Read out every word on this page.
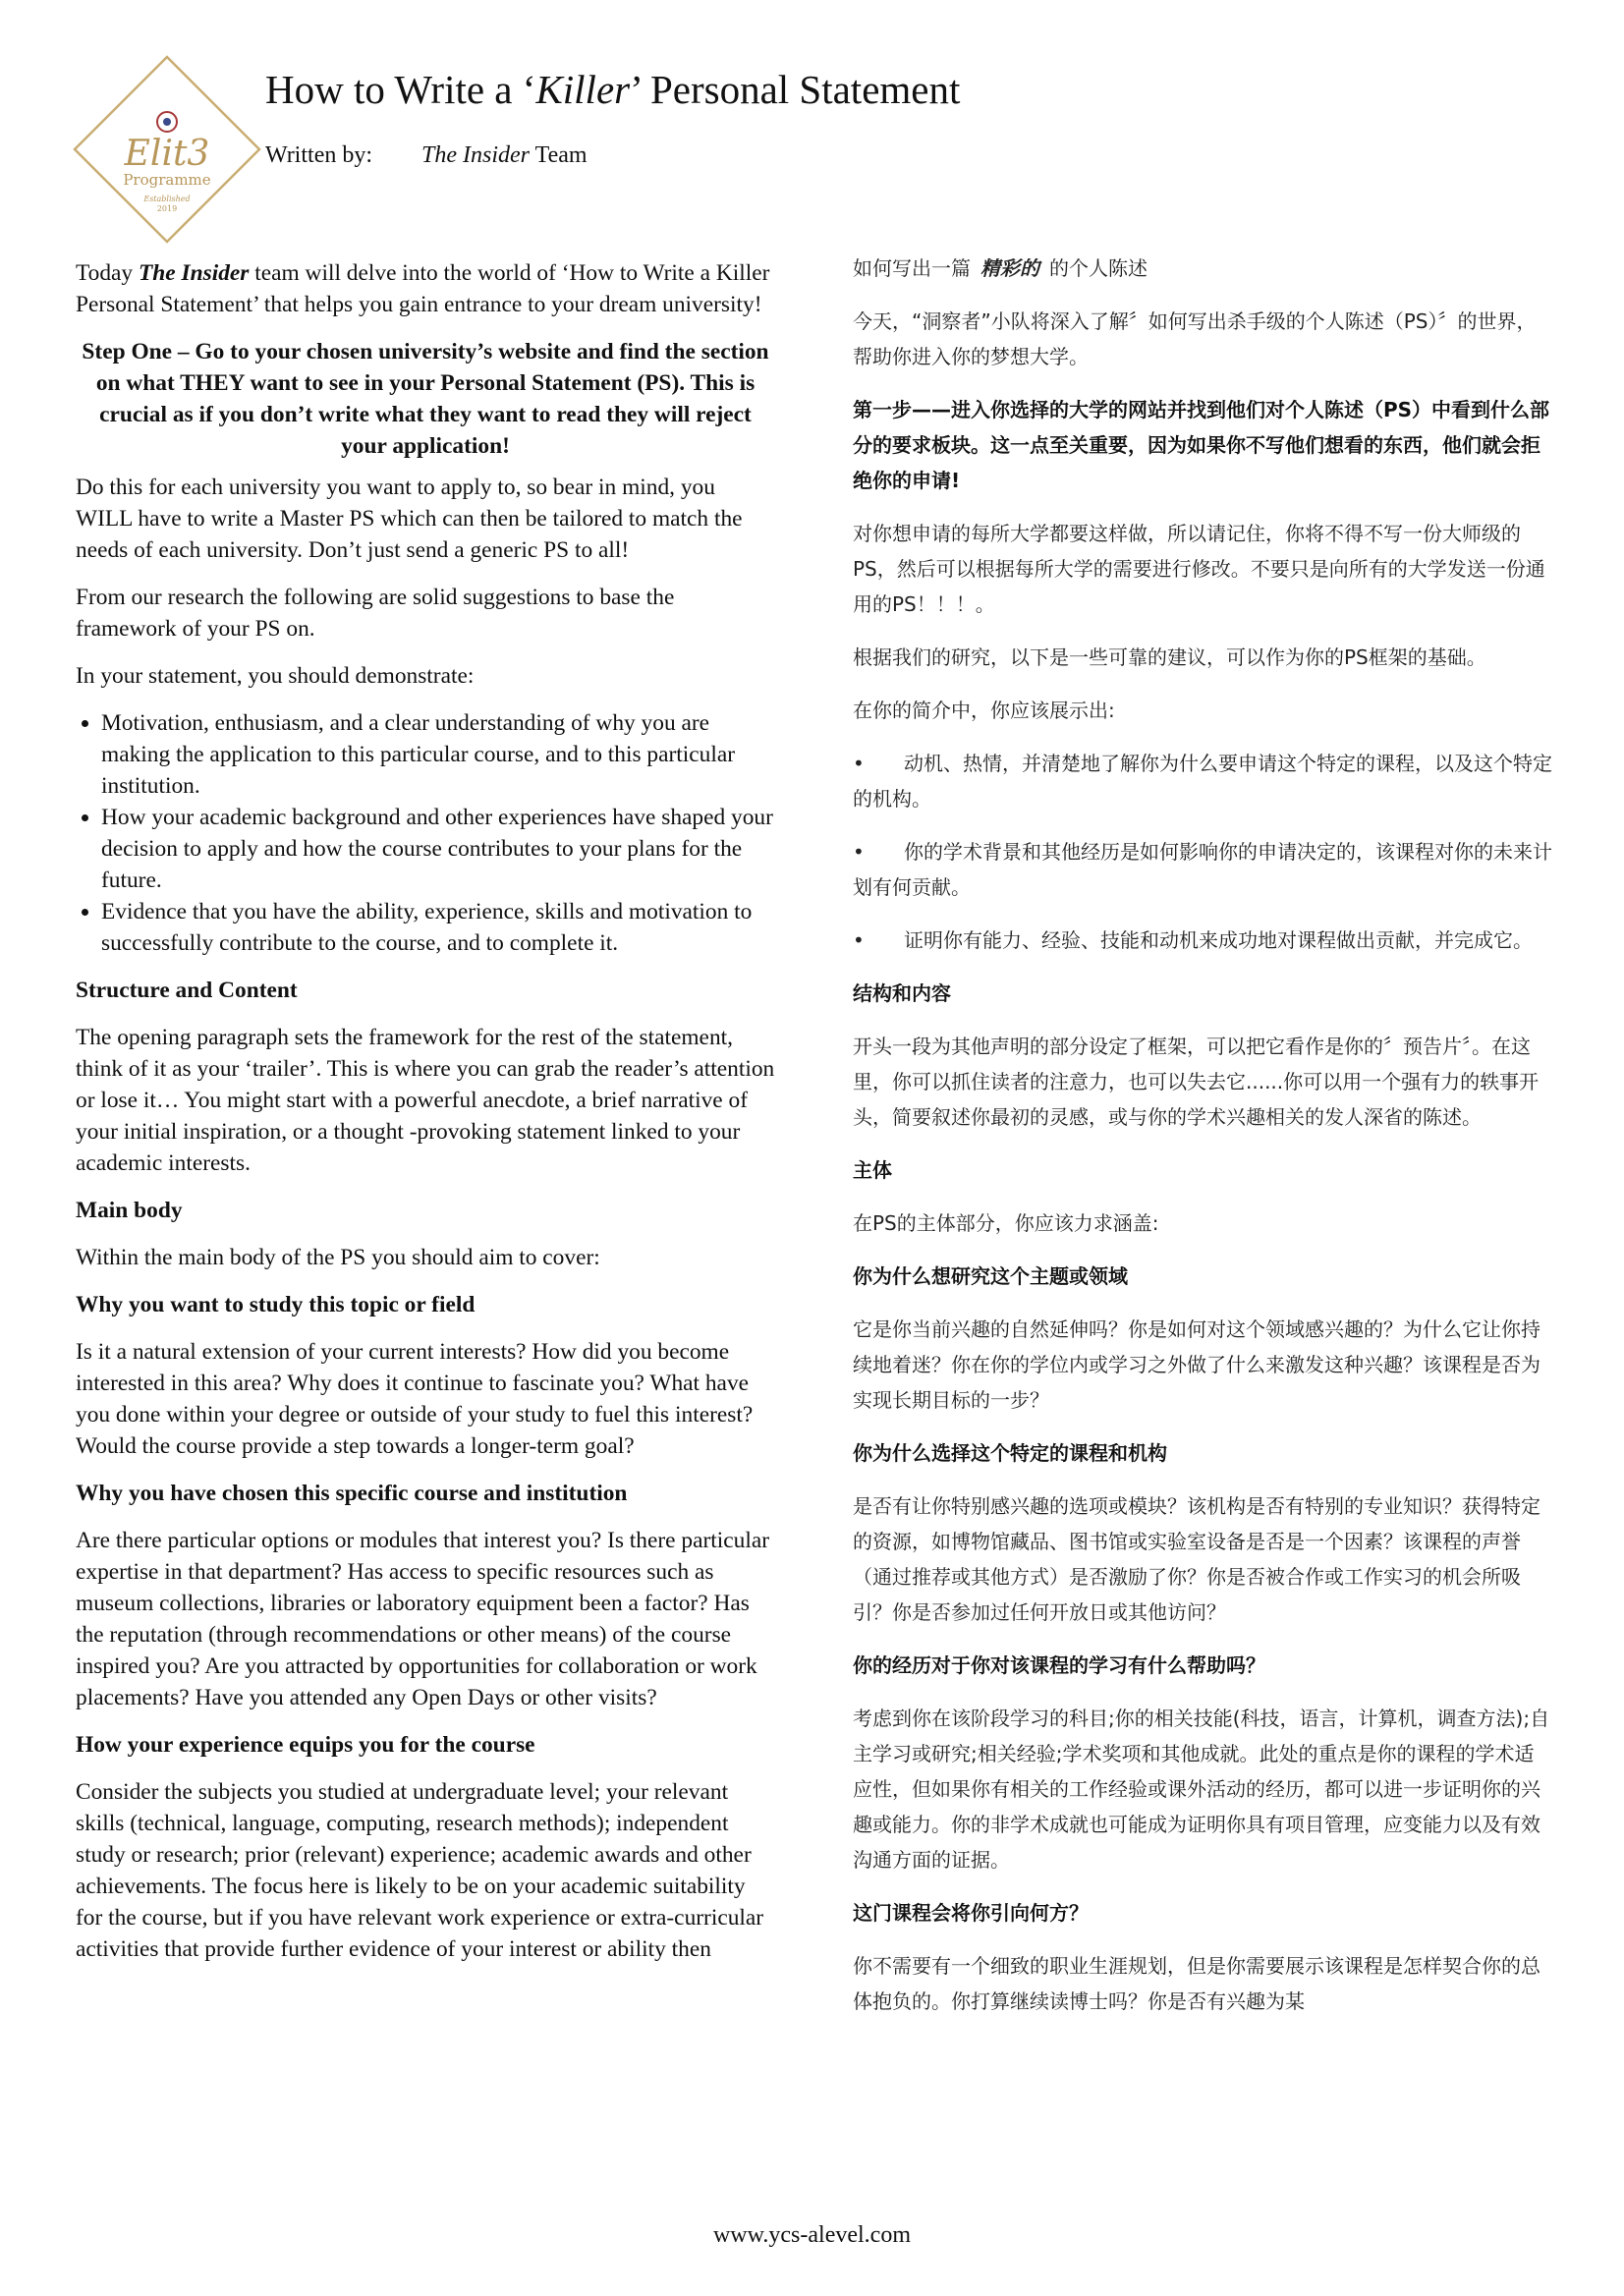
Elit3
Programme
Established
2019
How to Write a ‘Killer’ Personal Statement
Written by: The Insider Team

Today The Insider team will delve into the world of ‘How to Write a Killer Personal Statement’ that helps you gain entrance to your dream university!

Step One – Go to your chosen university’s website and find the section on what THEY want to see in your Personal Statement (PS). This is crucial as if you don’t write what they want to read they will reject your application!

Do this for each university you want to apply to, so bear in mind, you WILL have to write a Master PS which can then be tailored to match the needs of each university. Don’t just send a generic PS to all!

From our research the following are solid suggestions to base the framework of your PS on.

In your statement, you should demonstrate:

• Motivation, enthusiasm, and a clear understanding of why you are making the application to this particular course, and to this particular institution.
• How your academic background and other experiences have shaped your decision to apply and how the course contributes to your plans for the future.
• Evidence that you have the ability, experience, skills and motivation to successfully contribute to the course, and to complete it.
Structure and Content

The opening paragraph sets the framework for the rest of the statement, think of it as your ‘trailer’. This is where you can grab the reader’s attention or lose it… You might start with a powerful anecdote, a brief narrative of your initial inspiration, or a thought -provoking statement linked to your academic interests.

Main body

Within the main body of the PS you should aim to cover:

Why you want to study this topic or field

Is it a natural extension of your current interests? How did you become interested in this area? Why does it continue to fascinate you? What have you done within your degree or outside of your study to fuel this interest? Would the course provide a step towards a longer-term goal?

Why you have chosen this specific course and institution

Are there particular options or modules that interest you? Is there particular expertise in that department? Has access to specific resources such as museum collections, libraries or laboratory equipment been a factor? Has the reputation (through recommendations or other means) of the course inspired you? Are you attracted by opportunities for collaboration or work placements? Have you attended any Open Days or other visits?

How your experience equips you for the course

Consider the subjects you studied at undergraduate level; your relevant skills (technical, language, computing, research methods); independent study or research; prior (relevant) experience; academic awards and other achievements. The focus here is likely to be on your academic suitability for the course, but if you have relevant work experience or extra-curricular activities that provide further evidence of your interest or ability then

如何写出一篇 精彩的 的个人陈述

今天，“洞察者”小队将深入了解〞如何写出杀手级的个人陈述（PS）〞的世界，帮助你进入你的梦想大学。

第一步——进入你选择的大学的网站并找到他们对个人陈述（PS）中看到什么部分的要求板块。这一点至关重要，因为如果你不写他们想看的东西，他们就会拒绝你的申请!

对你想申请的每所大学都要这样做，所以请记住，你将不得不写一份大师级的PS，然后可以根据每所大学的需要进行修改。不要只是向所有的大学发送一份通用的PS！！！。

根据我们的研究，以下是一些可靠的建议，可以作为你的PS框架的基础。

在你的简介中，你应该展示出:

• 动机、热情，并清楚地了解你为什么要申请这个特定的课程，以及这个特定的机构。

• 你的学术背景和其他经历是如何影响你的申请决定的，该课程对你的未来计划有何贡献。

• 证明你有能力、经验、技能和动机来成功地对课程做出贡献，并完成它。

结构和内容

开头一段为其他声明的部分设定了框架，可以把它看作是你的〞预告片〞。在这里，你可以抓住读者的注意力，也可以失去它......你可以用一个强有力的轶事开头，简要叙述你最初的灵感，或与你的学术兴趣相关的发人深省的陈述。

主体

在PS的主体部分，你应该力求涵盖:

你为什么想研究这个主题或领域

它是你当前兴趣的自然延伸吗？你是如何对这个领域感兴趣的？为什么它让你持续地着迷？你在你的学位内或学习之外做了什么来激发这种兴趣？该课程是否为实现长期目标的一步？

你为什么选择这个特定的课程和机构

是否有让你特别感兴趣的选项或模块？该机构是否有特别的专业知识？获得特定的资源，如博物馆藏品、图书馆或实验室设备是否是一个因素？该课程的声誉（通过推荐或其他方式）是否激励了你？你是否被合作或工作实习的机会所吸引？你是否参加过任何开放日或其他访问？

你的经历对于你对该课程的学习有什么帮助吗？

考虑到你在该阶段学习的科目;你的相关技能(科技，语言，计算机，调查方法);自主学习或研究;相关经验;学术奖项和其他成就。此处的重点是你的课程的学术适应性，但如果你有相关的工作经验或课外活动的经历，都可以进一步证明你的兴趣或能力。你的非学术成就也可能成为证明你具有项目管理，应变能力以及有效沟通方面的证据。

这门课程会将你引向何方？

你不需要有一个细致的职业生涯规划，但是你需要展示该课程是怎样契合你的总体抱负的。你打算继续读博士吗？你是否有兴趣为某

www.ycs-alevel.com
